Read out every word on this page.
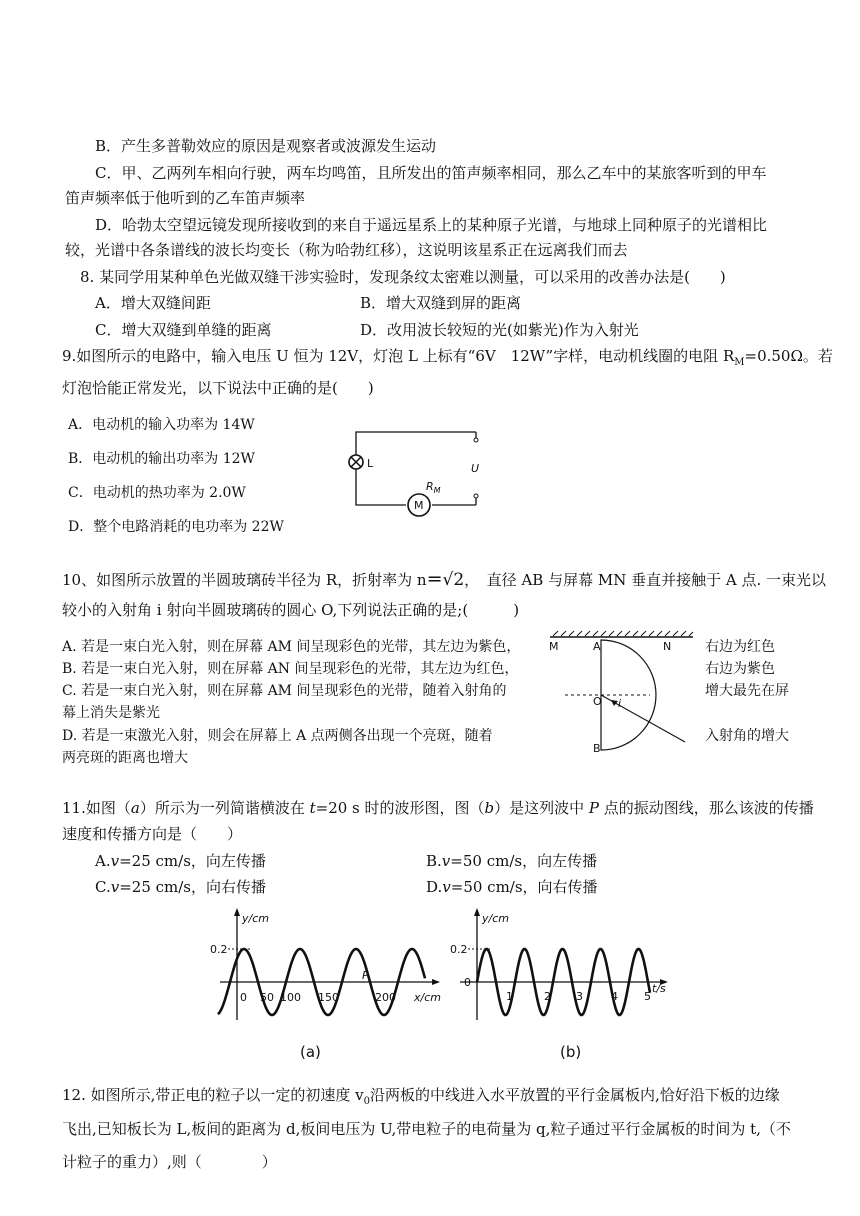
B．产生多普勒效应的原因是观察者或波源发生运动
C．甲、乙两列车相向行驶，两车均鸣笛，且所发出的笛声频率相同，那么乙车中的某旅客听到的甲车
笛声频率低于他听到的乙车笛声频率
D．哈勃太空望远镜发现所接收到的来自于遥远星系上的某种原子光谱，与地球上同种原子的光谱相比
较，光谱中各条谱线的波长均变长（称为哈勃红移），这说明该星系正在远离我们而去
8. 某同学用某种单色光做双缝干涉实验时，发现条纹太密难以测量，可以采用的改善办法是(　　)
A．增大双缝间距	B．增大双缝到屏的距离
C．增大双缝到单缝的距离	D．改用波长较短的光(如紫光)作为入射光
9.如图所示的电路中，输入电压 U 恒为 12V，灯泡 L 上标有“6V　12W”字样，电动机线圈的电阻 $R_M=0.50\Omega$。若
灯泡恰能正常发光，以下说法中正确的是(　　)
A．电动机的输入功率为 14W
B．电动机的输出功率为 12W
C．电动机的热功率为 2.0W
D．整个电路消耗的电功率为 22W
L	U
M
$R_M$
10、如图所示放置的半圆玻璃砖半径为 R，折射率为 n=√2，　直径 AB 与屏幕 MN 垂直并接触于 A 点. 一束光以
较小的入射角 i 射向半圆玻璃砖的圆心 O,下列说法正确的是;(　　　)
A. 若是一束白光入射，则在屏幕 AM 间呈现彩色的光带，其左边为紫色，	右边为红色
B. 若是一束白光入射，则在屏幕 AN 间呈现彩色的光带，其左边为红色，	右边为紫色
C. 若是一束白光入射，则在屏幕 AM 间呈现彩色的光带，随着入射角的	增大最先在屏
幕上消失是紫光
D. 若是一束激光入射，则会在屏幕上 A 点两侧各出现一个亮斑，随着	入射角的增大
两亮斑的距离也增大
M	A	N
O i
B
11.如图（a）所示为一列简谐横波在 t=20 s 时的波形图，图（b）是这列波中 P 点的振动图线，那么该波的传播
速度和传播方向是（　　）
A.v=25 cm/s，向左传播	B.v=50 cm/s，向左传播
C.v=25 cm/s，向右传播	D.v=50 cm/s，向右传播
y/cm
0.2
0 50 100 150	200 x/cm
P
(a)
y/cm
0.2
0
1	2 3	4 5
t/s
(b)
12. 如图所示,带正电的粒子以一定的初速度 $v_0$沿两板的中线进入水平放置的平行金属板内,恰好沿下板的边缘
飞出,已知板长为 L,板间的距离为 d,板间电压为 U,带电粒子的电荷量为 q,粒子通过平行金属板的时间为 t,（不
计粒子的重力）,则（　　　　）
